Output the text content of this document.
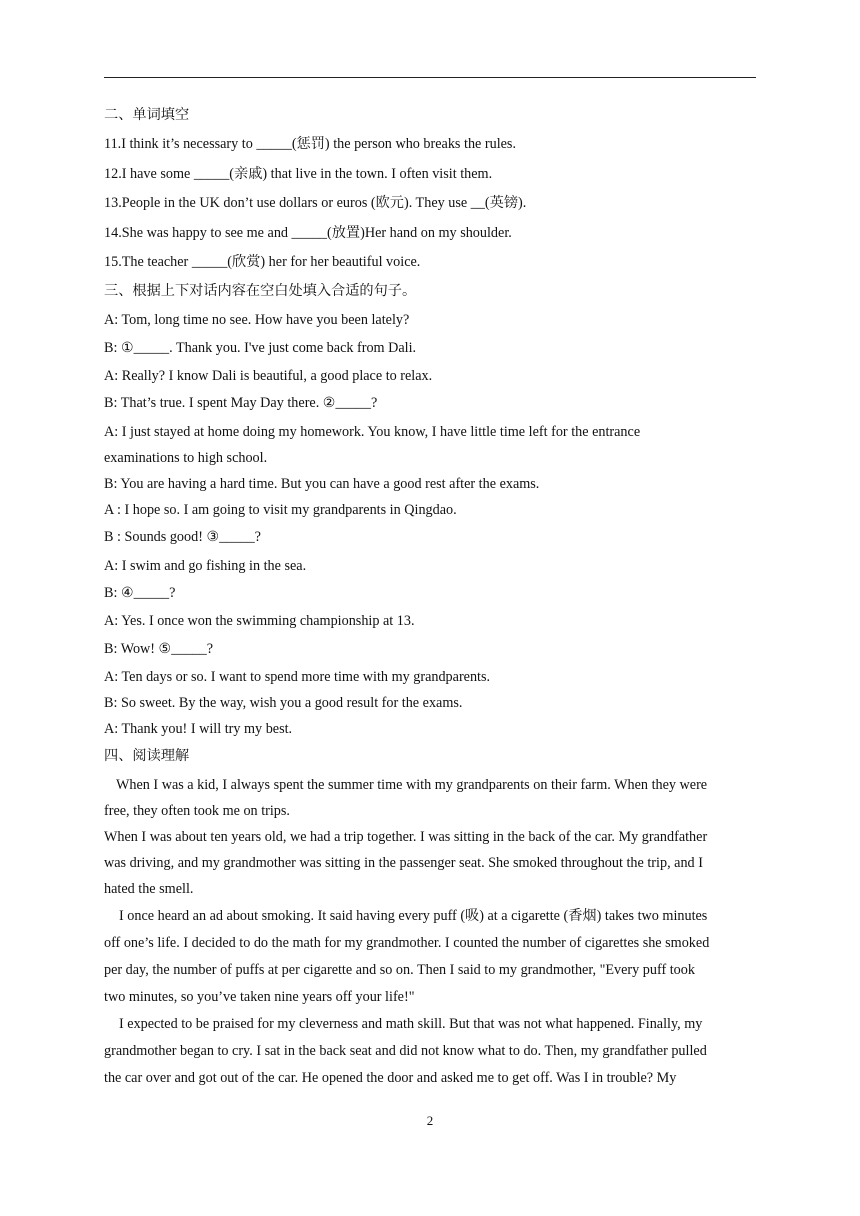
二、单词填空
11.I think it’s necessary to _____(惩罚) the person who breaks the rules.
12.I have some _____(亲戚) that live in the town. I often visit them.
13.People in the UK don’t use dollars or euros (欧元). They use __(英镑).
14.She was happy to see me and _____(放置)Her hand on my shoulder.
15.The teacher _____(欣赏) her for her beautiful voice.
三、根据上下对话内容在空白处填入合适的句子。
A: Tom, long time no see. How have you been lately?
B: ①_____. Thank you. I've just come back from Dali.
A: Really? I know Dali is beautiful, a good place to relax.
B: That’s true. I spent May Day there. ②_____?
A: I just stayed at home doing my homework. You know, I have little time left for the entrance
examinations to high school.
B: You are having a hard time. But you can have a good rest after the exams.
A : I hope so. I am going to visit my grandparents in Qingdao.
B : Sounds good! ③_____?
A: I swim and go fishing in the sea.
B: ④_____?
A: Yes. I once won the swimming championship at 13.
B: Wow! ⑤_____?
A: Ten days or so. I want to spend more time with my grandparents.
B: So sweet. By the way, wish you a good result for the exams.
A: Thank you! I will try my best.
四、阅读理解
When I was a kid, I always spent the summer time with my grandparents on their farm. When they were
free, they often took me on trips.
When I was about ten years old, we had a trip together. I was sitting in the back of the car. My grandfather
was driving, and my grandmother was sitting in the passenger seat. She smoked throughout the trip, and I
hated the smell.
I once heard an ad about smoking. It said having every puff (吸) at a cigarette (香烟) takes two minutes
off one’s life. I decided to do the math for my grandmother. I counted the number of cigarettes she smoked
per day, the number of puffs at per cigarette and so on. Then I said to my grandmother, "Every puff took
two minutes, so you’ve taken nine years off your life!"
I expected to be praised for my cleverness and math skill. But that was not what happened. Finally, my
grandmother began to cry. I sat in the back seat and did not know what to do. Then, my grandfather pulled
the car over and got out of the car. He opened the door and asked me to get off. Was I in trouble? My
2
